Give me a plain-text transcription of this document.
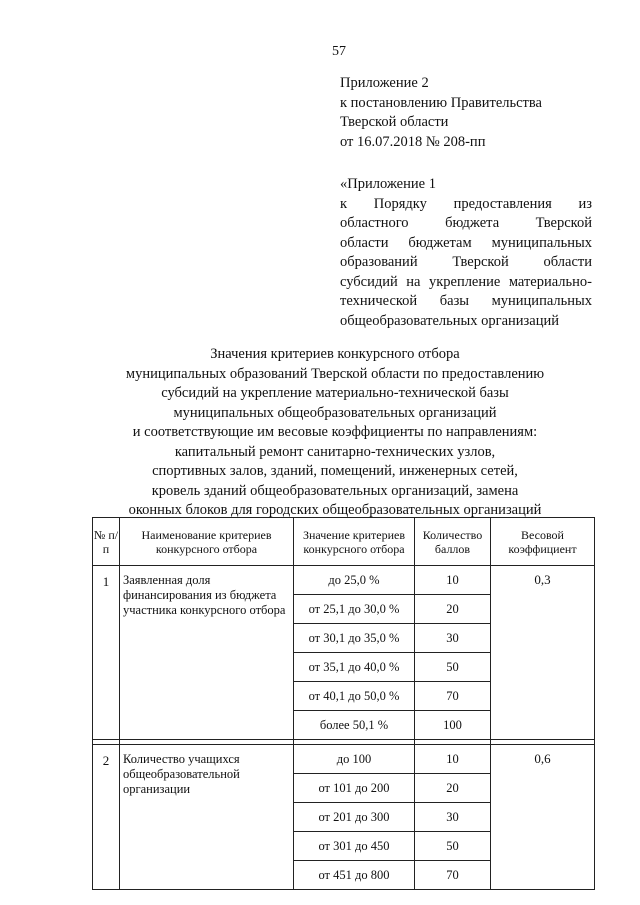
57
Приложение 2
к постановлению Правительства
Тверской области
от 16.07.2018 № 208-пп
«Приложение 1
к Порядку предоставления из
областного бюджета Тверской
области бюджетам муниципальных
образований Тверской области
субсидий на укрепление материально-
технической базы муниципальных
общеобразовательных организаций
Значения критериев конкурсного отбора
муниципальных образований Тверской области по предоставлению
субсидий на укрепление материально-технической базы
муниципальных общеобразовательных организаций
и соответствующие им весовые коэффициенты по направлениям:
капитальный ремонт санитарно-технических узлов,
спортивных залов, зданий, помещений, инженерных сетей,
кровель зданий общеобразовательных организаций, замена
оконных блоков для городских общеобразовательных организаций
№ п/п	Наименование критериев конкурсного отбора	Значение критериев конкурсного отбора	Количество баллов	Весовой коэффициент
1	Заявленная доля финансирования из бюджета участника конкурсного отбора	до 25,0 %	10	0,3
		от 25,1 до 30,0 %	20	
		от 30,1 до 35,0 %	30	
		от 35,1 до 40,0 %	50	
		от 40,1 до 50,0 %	70	
		более 50,1 %	100	

2	Количество учащихся общеобразовательной организации	до 100	10	0,6
		от 101 до 200	20	
		от 201 до 300	30	
		от 301 до 450	50	
		от 451 до 800	70	
